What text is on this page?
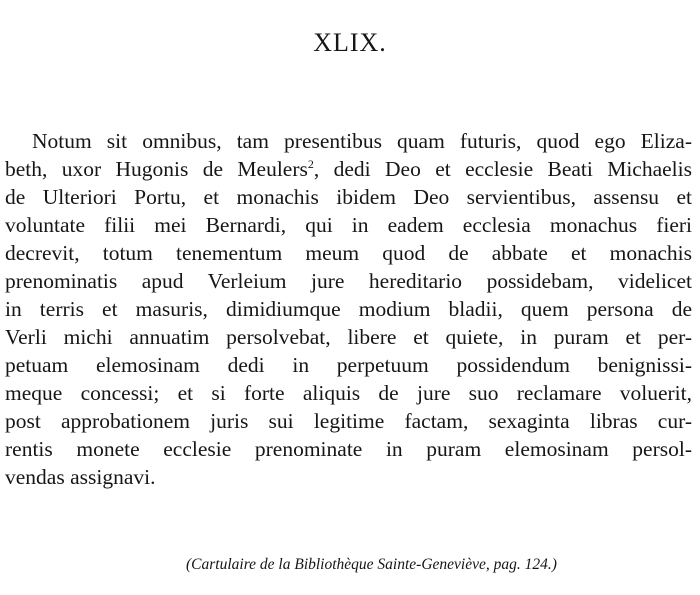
XLIX.
Notum sit omnibus, tam presentibus quam futuris, quod ego Eliza-
beth, uxor Hugonis de Meulers$^2$, dedi Deo et ecclesie Beati Michaelis
de Ulteriori Portu, et monachis ibidem Deo servientibus, assensu et
voluntate filii mei Bernardi, qui in eadem ecclesia monachus fieri
decrevit, totum tenementum meum quod de abbate et monachis
prenominatis apud Verleium jure hereditario possidebam, videlicet
in terris et masuris, dimidiumque modium bladii, quem persona de
Verli michi annuatim persolvebat, libere et quiete, in puram et per-
petuam elemosinam dedi in perpetuum possidendum benignissi-
meque concessi; et si forte aliquis de jure suo reclamare voluerit,
post approbationem juris sui legitime factam, sexaginta libras cur-
rentis monete ecclesie prenominate in puram elemosinam persol-
vendas assignavi.
(Cartulaire de la Bibliothèque Sainte-Geneviève, pag. 124.)
